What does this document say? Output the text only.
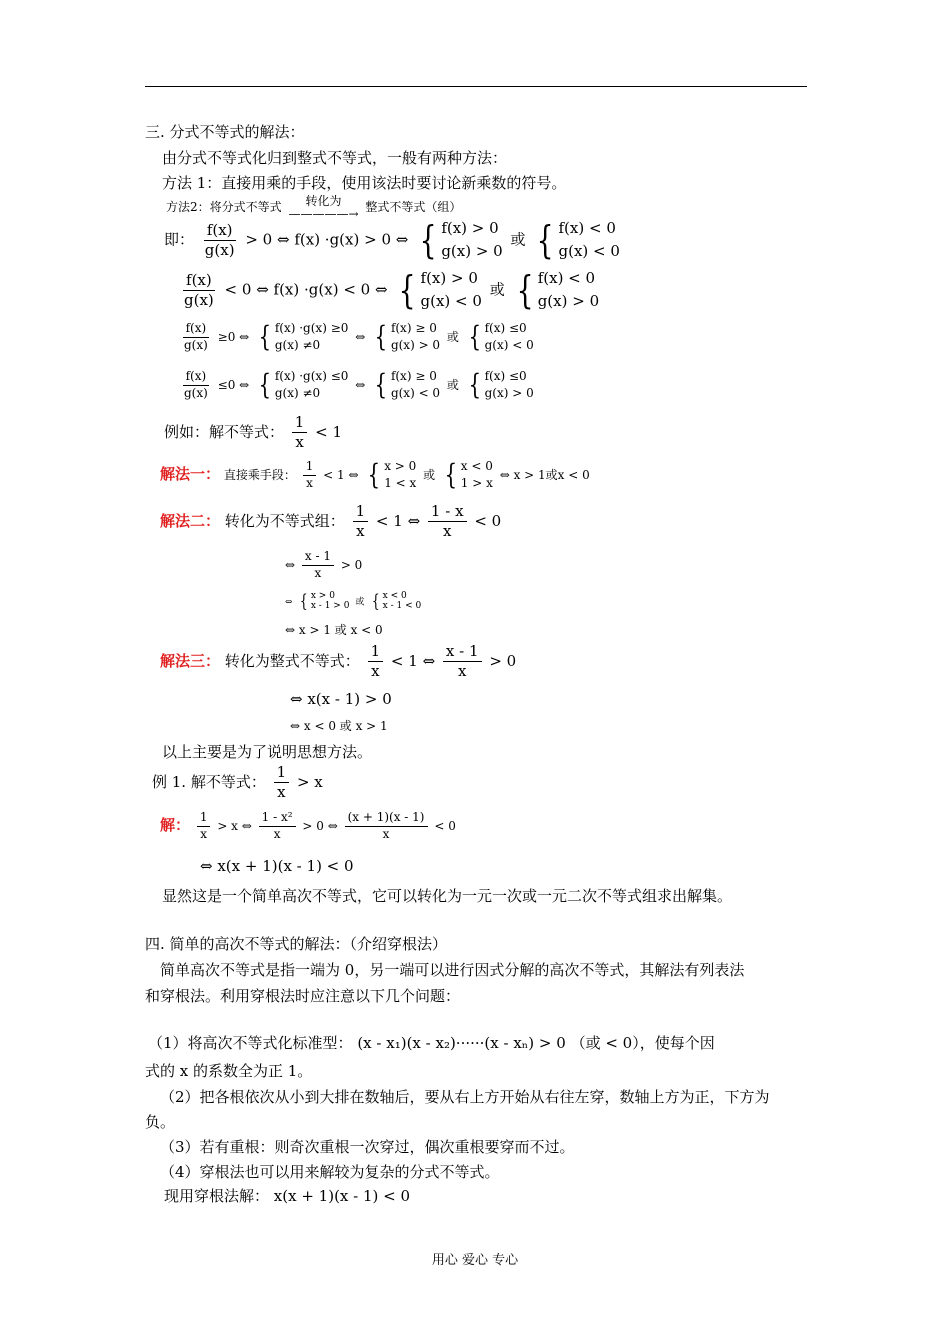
三. 分式不等式的解法：
由分式不等式化归到整式不等式，一般有两种方法：
方法 1：直接用乘的手段，使用该法时要讨论新乘数的符号。
方法2：将分式不等式 转化为
—————→ 整式不等式（组）
即： $\frac{f(x)}{g(x)} > 0$ ⇔ f(x) ·g(x) > 0 ⇔ { f(x) > 0
g(x) > 0
或 { f(x) < 0
g(x) < 0
$\frac{f(x)}{g(x)} < 0$ ⇔ f(x) ·g(x) < 0 ⇔ { f(x) > 0
g(x) < 0
或 { f(x) < 0
g(x) > 0
$\frac{f(x)}{g(x)} \ge 0$ ⇔ { f(x) ·g(x) ≥0
g(x) ≠0
⇔ { f(x) ≥ 0
g(x) > 0
或 { f(x) ≤0
g(x) < 0
$\frac{f(x)}{g(x)} \le 0$ ⇔ { f(x) ·g(x) ≤0
g(x) ≠0
⇔ { f(x) ≥ 0
g(x) < 0
或 { f(x) ≤0
g(x) > 0
例如：解不等式： $\frac{1}{x} < 1$
解法一： 直接乘手段： $\frac{1}{x} < 1$ ⇔ { x > 0
1 < x
或 { x < 0
1 > x
⇔ x > 1或x < 0
解法二： 转化为不等式组： $\frac{1}{x} < 1$ ⇔ $\frac{1 - x}{x} < 0$
⇔ $\frac{x - 1}{x} > 0$
⇔ { x > 0
x - 1 > 0 或 { x < 0
x - 1 < 0
⇔ x > 1 或 x < 0
解法三： 转化为整式不等式： $\frac{1}{x} < 1$ ⇔ $\frac{x - 1}{x} > 0$
⇔ x(x - 1) > 0
⇔ x < 0 或 x > 1
以上主要是为了说明思想方法。
例 1. 解不等式： $\frac{1}{x} > x$
解： $\frac{1}{x} > x$ ⇔ $\frac{\text{1 - x²}}{x} > 0$ ⇔ $\frac{(x + 1)(x - 1)}{x} < 0$
⇔ x(x + 1)(x - 1) < 0
显然这是一个简单高次不等式，它可以转化为一元一次或一元二次不等式组求出解集。
四. 简单的高次不等式的解法：（介绍穿根法）
简单高次不等式是指一端为 0，另一端可以进行因式分解的高次不等式，其解法有列表法
和穿根法。利用穿根法时应注意以下几个问题：
（1）将高次不等式化标准型： (x - x₁)(x - x₂)······(x - xₙ) > 0 （或 < 0），使每个因
式的 x 的系数全为正 1。
（2）把各根依次从小到大排在数轴后，要从右上方开始从右往左穿，数轴上方为正，下方为
负。
（3）若有重根：则奇次重根一次穿过，偶次重根要穿而不过。
（4）穿根法也可以用来解较为复杂的分式不等式。
现用穿根法解： x(x + 1)(x - 1) < 0
用心 爱心 专心
